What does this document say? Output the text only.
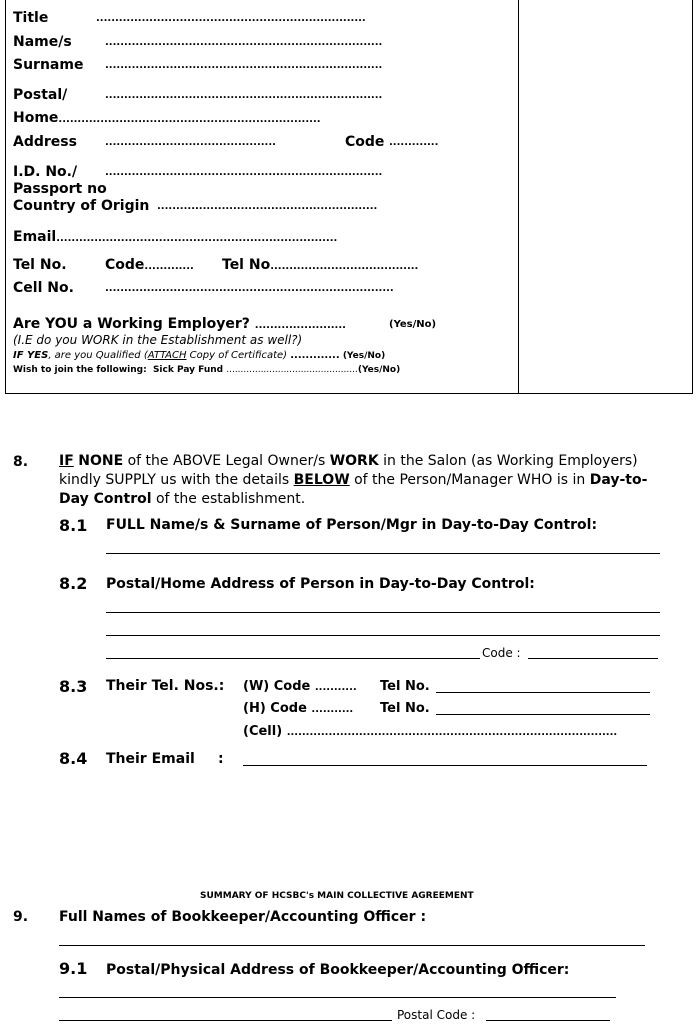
Title	.......................................................................
Name/s	.........................................................................
Surname .........................................................................
Postal/	.........................................................................
Home.....................................................................
Address	.............................................	Code .............
I.D. No./	.........................................................................
Passport no
Country of Origin ..........................................................
Email..........................................................................
Tel No.	Code............. Tel No.......................................
Cell No.	............................................................................
Are YOU a Working Employer? ........................	(Yes/No)
(I.E do you WORK in the Establishment as well?)
IF YES, are you Qualified (ATTACH Copy of Certificate) ............. (Yes/No)
Wish to join the following: Sick Pay Fund ..............................................(Yes/No)
8. IF NONE of the ABOVE Legal Owner/s WORK in the Salon (as Working Employers)
kindly SUPPLY us with the details BELOW of the Person/Manager WHO is in Day-to-
Day Control of the establishment.
8.1 FULL Name/s & Surname of Person/Mgr in Day-to-Day Control:
8.2 Postal/Home Address of Person in Day-to-Day Control:
Code :
8.3 Their Tel. Nos.: (W) Code ........... Tel No.
(H) Code ........... Tel No.
(Cell) .......................................................................................
8.4 Their Email :
SUMMARY OF HCSBC's MAIN COLLECTIVE AGREEMENT
9. Full Names of Bookkeeper/Accounting Officer :
9.1 Postal/Physical Address of Bookkeeper/Accounting Officer:
Postal Code :
